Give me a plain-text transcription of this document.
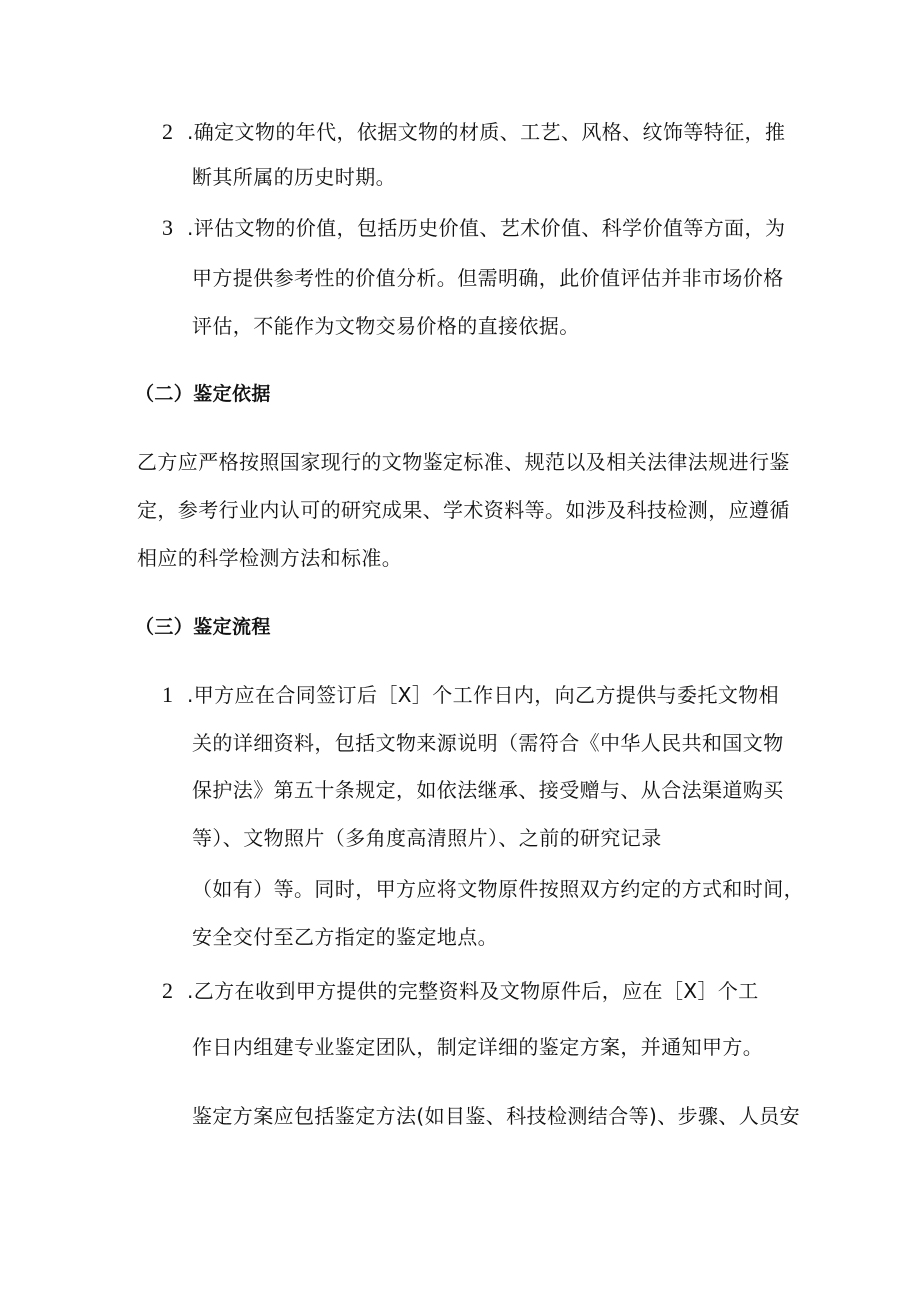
2 .确定文物的年代，依据文物的材质、工艺、风格、纹饰等特征，推
断其所属的历史时期。
3 .评估文物的价值，包括历史价值、艺术价值、科学价值等方面，为
甲方提供参考性的价值分析。但需明确，此价值评估并非市场价格
评估，不能作为文物交易价格的直接依据。
（二）鉴定依据
乙方应严格按照国家现行的文物鉴定标准、规范以及相关法律法规进行鉴
定，参考行业内认可的研究成果、学术资料等。如涉及科技检测，应遵循
相应的科学检测方法和标准。
（三）鉴定流程
1 .甲方应在合同签订后［X］个工作日内，向乙方提供与委托文物相
关的详细资料，包括文物来源说明（需符合《中华人民共和国文物
保护法》第五十条规定，如依法继承、接受赠与、从合法渠道购买
等）、文物照片（多角度高清照片）、之前的研究记录
（如有）等。同时，甲方应将文物原件按照双方约定的方式和时间，
安全交付至乙方指定的鉴定地点。
2 .乙方在收到甲方提供的完整资料及文物原件后，应在［X］个工
作日内组建专业鉴定团队，制定详细的鉴定方案，并通知甲方。
鉴定方案应包括鉴定方法(如目鉴、科技检测结合等)、步骤、人员安
